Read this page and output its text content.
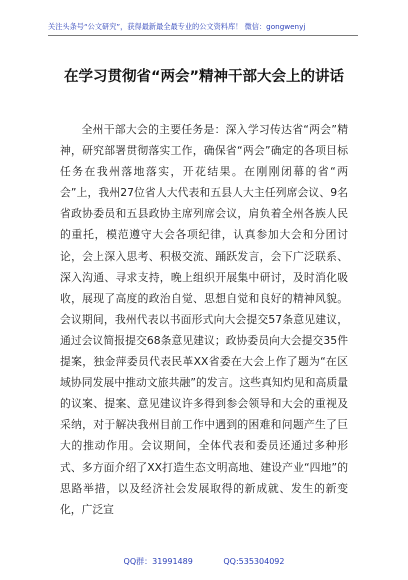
关注头条号“公文研究”，获得最新最全最专业的公文资料库！ 微信：gongwenyj
在学习贯彻省“两会”精神干部大会上的讲话
全州干部大会的主要任务是：深入学习传达省“两会”精神，研究部署贯彻落实工作，确保省“两会”确定的各项目标任务在我州落地落实，开花结果。在刚刚闭幕的省“两会”上，我州27位省人大代表和五县人大主任列席会议、9名省政协委员和五县政协主席列席会议，肩负着全州各族人民的重托，模范遵守大会各项纪律，认真参加大会和分团讨论，会上深入思考、积极交流、踊跃发言，会下广泛联系、深入沟通、寻求支持，晚上组织开展集中研讨，及时消化吸收，展现了高度的政治自觉、思想自觉和良好的精神风貌。会议期间，我州代表以书面形式向大会提交57条意见建议，通过会议简报提交68条意见建议；政协委员向大会提交35件提案，独金萍委员代表民革XX省委在大会上作了题为“在区域协同发展中推动文旅共融”的发言。这些真知灼见和高质量的议案、提案、意见建议许多得到参会领导和大会的重视及采纳，对于解决我州目前工作中遇到的困难和问题产生了巨大的推动作用。会议期间，全体代表和委员还通过多种形式、多方面介绍了XX打造生态文明高地、建设产业“四地”的思路举措，以及经济社会发展取得的新成就、发生的新变化，广泛宣
QQ群：31991489	QQ:535304092
